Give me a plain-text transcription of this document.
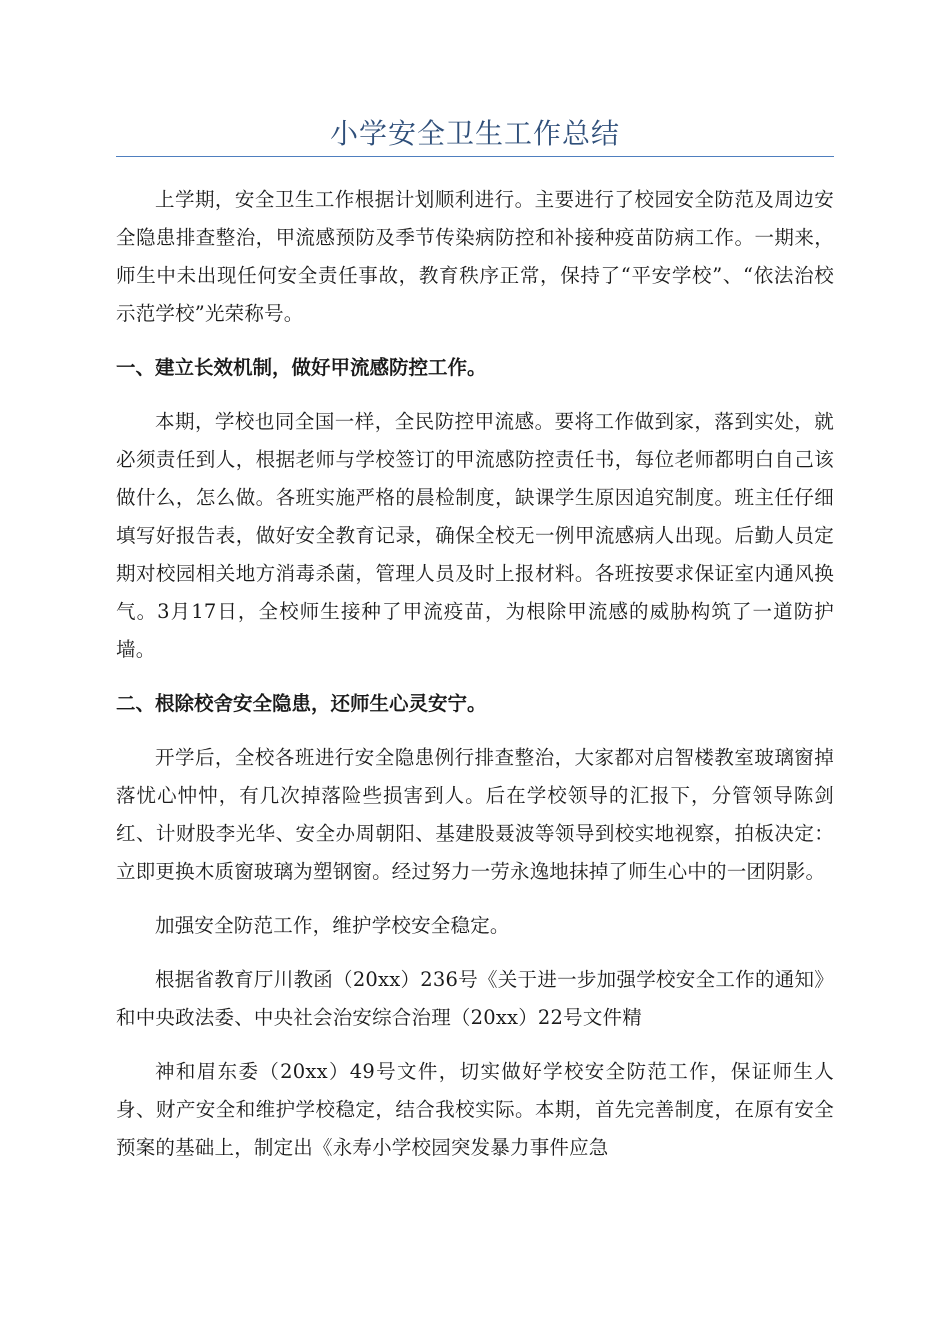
小学安全卫生工作总结

上学期，安全卫生工作根据计划顺利进行。主要进行了校园安全防范及周边安全隐患排查整治，甲流感预防及季节传染病防控和补接种疫苗防病工作。一期来，师生中未出现任何安全责任事故，教育秩序正常，保持了“平安学校”、“依法治校示范学校”光荣称号。

一、建立长效机制，做好甲流感防控工作。

本期，学校也同全国一样，全民防控甲流感。要将工作做到家，落到实处，就必须责任到人，根据老师与学校签订的甲流感防控责任书，每位老师都明白自己该做什么，怎么做。各班实施严格的晨检制度，缺课学生原因追究制度。班主任仔细填写好报告表，做好安全教育记录，确保全校无一例甲流感病人出现。后勤人员定期对校园相关地方消毒杀菌，管理人员及时上报材料。各班按要求保证室内通风换气。3月17日，全校师生接种了甲流疫苗，为根除甲流感的威胁构筑了一道防护墙。

二、根除校舍安全隐患，还师生心灵安宁。

开学后，全校各班进行安全隐患例行排查整治，大家都对启智楼教室玻璃窗掉落忧心忡忡，有几次掉落险些损害到人。后在学校领导的汇报下，分管领导陈剑红、计财股李光华、安全办周朝阳、基建股聂波等领导到校实地视察，拍板决定：立即更换木质窗玻璃为塑钢窗。经过努力一劳永逸地抹掉了师生心中的一团阴影。

加强安全防范工作，维护学校安全稳定。

根据省教育厅川教函（20xx）236号《关于进一步加强学校安全工作的通知》和中央政法委、中央社会治安综合治理（20xx）22号文件精

神和眉东委（20xx）49号文件，切实做好学校安全防范工作，保证师生人身、财产安全和维护学校稳定，结合我校实际。本期，首先完善制度，在原有安全预案的基础上，制定出《永寿小学校园突发暴力事件应急
